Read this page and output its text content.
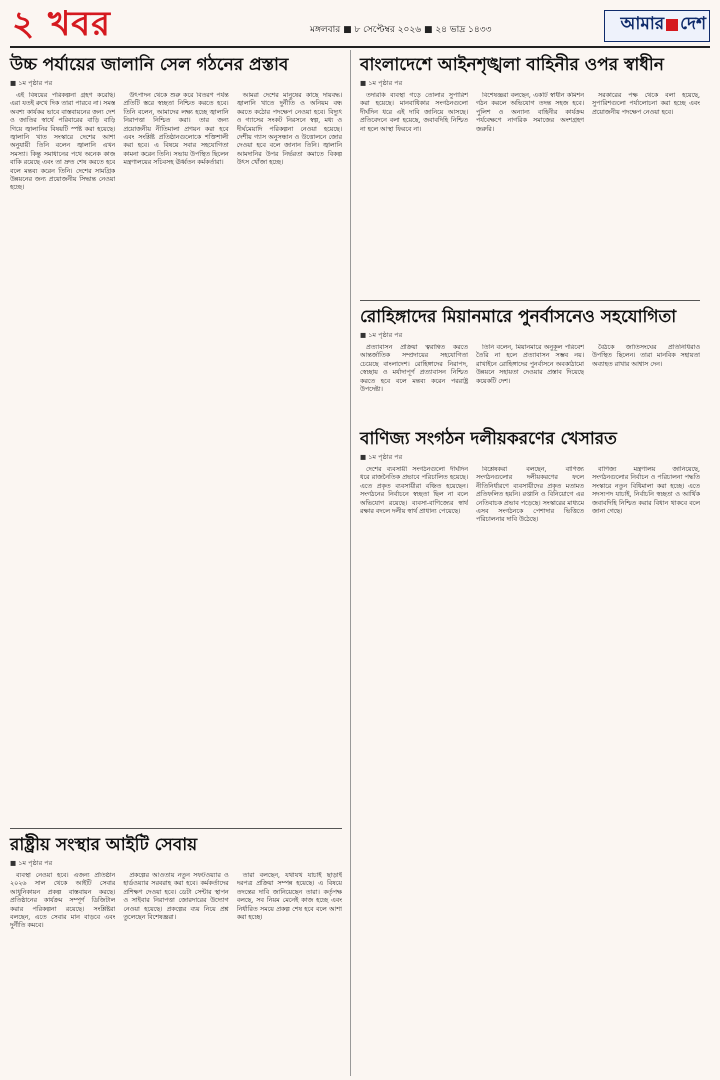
২ খবর	মঙ্গলবার ■ ৮ সেপ্টেম্বর ২০২৬ ■ ২৪ ভাদ্র ১৪৩৩	আমার দেশ
উচ্চ পর্যায়ের জালানি সেল গঠনের প্রস্তাব
■ ১ম পৃষ্ঠার পর

এই বিষয়ের পরিকল্পনা গ্রহণ করেছি। এরা যতই রুখে দিক তারা পারবে না। সমস্ত অবশ্য কার্যকর ভাবে বাস্তবায়নের জন্য দেশ ও জাতির স্বার্থে পরিবারের বাড়ি বাড়ি গিয়ে জ্বালানির বিষয়টি স্পষ্ট করা হয়েছে। জ্বালানি খাত সংস্কারে দেশের আশা অনুযায়ী তিনি বলেন জ্বালানি এখন সমস্যা। কিন্তু সমাধানের পথে অনেক কাজ বাকি রয়েছে এবং তা দ্রুত শেষ করতে হবে বলে মন্তব্য করেন তিনি। দেশের সামগ্রিক উন্নয়নের জন্য প্রয়োজনীয় সিদ্ধান্ত নেওয়া হচ্ছে।

উৎপাদন থেকে শুরু করে বিতরণ পর্যন্ত প্রতিটি স্তরে স্বচ্ছতা নিশ্চিত করতে হবে। তিনি বলেন, আমাদের লক্ষ্য হচ্ছে জ্বালানি নিরাপত্তা নিশ্চিত করা। তার জন্য প্রয়োজনীয় নীতিমালা প্রণয়ন করা হবে এবং সংশ্লিষ্ট প্রতিষ্ঠানগুলোকে শক্তিশালী করা হবে। এ বিষয়ে সবার সহযোগিতা কামনা করেন তিনি। সভায় উপস্থিত ছিলেন মন্ত্রণালয়ের সচিবসহ ঊর্ধ্বতন কর্মকর্তারা।

আমরা দেশের মানুষের কাছে দায়বদ্ধ। জ্বালানি খাতে দুর্নীতি ও অনিয়ম বন্ধ করতে কঠোর পদক্ষেপ নেওয়া হবে। বিদ্যুৎ ও গ্যাসের সংকট নিরসনে স্বল্প, মধ্য ও দীর্ঘমেয়াদি পরিকল্পনা নেওয়া হয়েছে। দেশীয় গ্যাস অনুসন্ধান ও উত্তোলনে জোর দেওয়া হবে বলে জানান তিনি। জ্বালানি আমদানির উপর নির্ভরতা কমাতে বিকল্প উৎস খোঁজা হচ্ছে।

রাষ্ট্রীয় সংস্থার আইটি সেবায়
■ ১ম পৃষ্ঠার পর

ব্যবস্থা নেওয়া হবে। এজন্য প্রতিষ্ঠান ২০২৬ সাল থেকে আইটি সেবার আধুনিকায়ন প্রকল্প বাস্তবায়ন করছে। প্রতিষ্ঠানের কার্যক্রম সম্পূর্ণ ডিজিটাল করার পরিকল্পনা রয়েছে। সংশ্লিষ্টরা বলছেন, এতে সেবার মান বাড়বে এবং দুর্নীতি কমবে।

প্রকল্পের আওতায় নতুন সফটওয়্যার ও হার্ডওয়্যার সরবরাহ করা হবে। কর্মকর্তাদের প্রশিক্ষণ দেওয়া হবে। ডেটা সেন্টার স্থাপন ও সাইবার নিরাপত্তা জোরদারের উদ্যোগ নেওয়া হয়েছে। প্রকল্পের ব্যয় নিয়ে প্রশ্ন তুলেছেন বিশেষজ্ঞরা।

তারা বলছেন, যথাযথ যাচাই ছাড়াই দরপত্র প্রক্রিয়া সম্পন্ন হয়েছে। এ বিষয়ে তদন্তের দাবি জানিয়েছেন তারা। কর্তৃপক্ষ বলছে, সব নিয়ম মেনেই কাজ হচ্ছে এবং নির্ধারিত সময়ে প্রকল্প শেষ হবে বলে আশা করা হচ্ছে।

বাংলাদেশে আইনশৃঙ্খলা বাহিনীর ওপর স্বাধীন
■ ১ম পৃষ্ঠার পর

তদারকি ব্যবস্থা গড়ে তোলার সুপারিশ করা হয়েছে। মানবাধিকার সংগঠনগুলো দীর্ঘদিন ধরে এই দাবি জানিয়ে আসছে। প্রতিবেদনে বলা হয়েছে, জবাবদিহি নিশ্চিত না হলে আস্থা ফিরবে না।

বিশেষজ্ঞরা বলছেন, একটি স্বাধীন কমিশন গঠন করলে অভিযোগ তদন্ত সহজ হবে। পুলিশ ও অন্যান্য বাহিনীর কার্যক্রম পর্যবেক্ষণে নাগরিক সমাজের অংশগ্রহণ জরুরি।

সরকারের পক্ষ থেকে বলা হয়েছে, সুপারিশগুলো পর্যালোচনা করা হচ্ছে এবং প্রয়োজনীয় পদক্ষেপ নেওয়া হবে।

রোহিঙ্গাদের মিয়ানমারে পুনর্বাসনেও সহযোগিতা
■ ১ম পৃষ্ঠার পর

প্রত্যাবাসন প্রক্রিয়া ত্বরান্বিত করতে আন্তর্জাতিক সম্প্রদায়ের সহযোগিতা চেয়েছে বাংলাদেশ। রোহিঙ্গাদের নিরাপদ, স্বেচ্ছায় ও মর্যাদাপূর্ণ প্রত্যাবাসন নিশ্চিত করতে হবে বলে মন্তব্য করেন পররাষ্ট্র উপদেষ্টা।

তিনি বলেন, মিয়ানমারে অনুকূল পরিবেশ তৈরি না হলে প্রত্যাবাসন সম্ভব নয়। রাখাইনে রোহিঙ্গাদের পুনর্বাসনে অবকাঠামো উন্নয়নে সহায়তা দেওয়ার প্রস্তাব দিয়েছে কয়েকটি দেশ।

বৈঠকে জাতিসংঘের প্রতিনিধিরাও উপস্থিত ছিলেন। তারা মানবিক সহায়তা অব্যাহত রাখার আশ্বাস দেন।

বাণিজ্য সংগঠন দলীয়করণের খেসারত
■ ১ম পৃষ্ঠার পর

দেশের ব্যবসায়ী সংগঠনগুলো দীর্ঘদিন ধরে রাজনৈতিক প্রভাবে পরিচালিত হয়েছে। এতে প্রকৃত ব্যবসায়ীরা বঞ্চিত হয়েছেন। সংগঠনের নির্বাচনে স্বচ্ছতা ছিল না বলে অভিযোগ রয়েছে। ব্যবসা-বাণিজ্যের স্বার্থ রক্ষার বদলে দলীয় স্বার্থ প্রাধান্য পেয়েছে।

বিশ্লেষকরা বলছেন, বাণিজ্য সংগঠনগুলোর দলীয়করণের ফলে নীতিনির্ধারণে ব্যবসায়ীদের প্রকৃত মতামত প্রতিফলিত হয়নি। রপ্তানি ও বিনিয়োগে এর নেতিবাচক প্রভাব পড়েছে। সংস্কারের মাধ্যমে এসব সংগঠনকে পেশাদার ভিত্তিতে পরিচালনার দাবি উঠেছে।

বাণিজ্য মন্ত্রণালয় জানিয়েছে, সংগঠনগুলোর নির্বাচন ও পরিচালনা পদ্ধতি সংস্কারে নতুন বিধিমালা করা হচ্ছে। এতে সদস্যপদ যাচাই, নির্বাচনি স্বচ্ছতা ও আর্থিক জবাবদিহি নিশ্চিত করার বিধান থাকবে বলে জানা গেছে।
